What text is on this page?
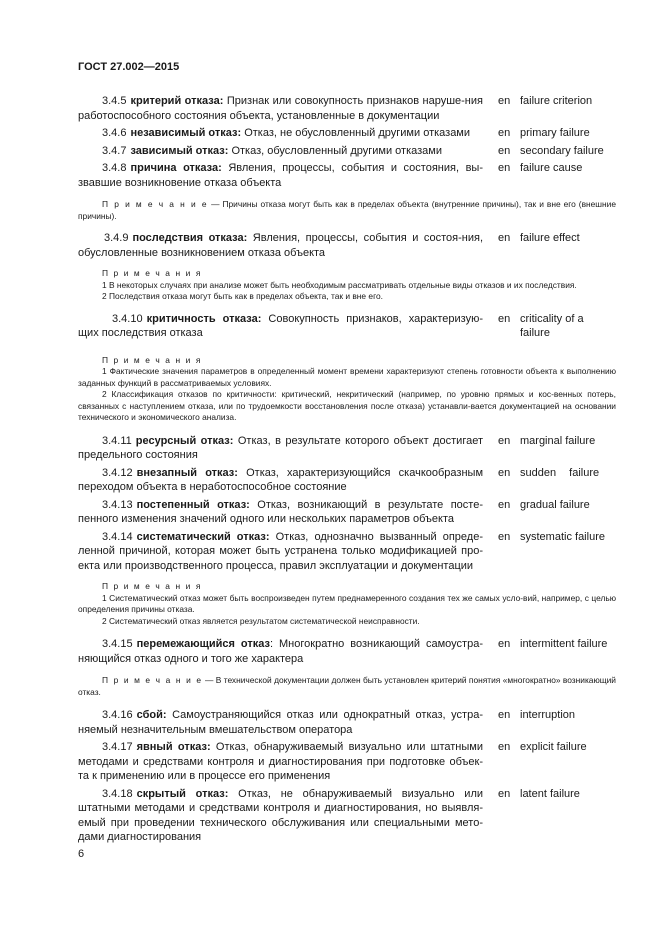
ГОСТ 27.002—2015
3.4.5 критерий отказа: Признак или совокупность признаков наруше-ния работоспособного состояния объекта, установленные в документации
en failure criterion
3.4.6 независимый отказ: Отказ, не обусловленный другими отказами	en primary failure
3.4.7 зависимый отказ: Отказ, обусловленный другими отказами	en secondary failure
3.4.8 причина отказа: Явления, процессы, события и состояния, вы-звавшие возникновение отказа объекта
en failure cause

П р и м е ч а н и е — Причины отказа могут быть как в пределах объекта (внутренние причины), так и вне его (внешние причины).

3.4.9 последствия отказа: Явления, процессы, события и состоя-ния, обусловленные возникновением отказа объекта
en failure effect
П р и м е ч а н и я

1 В некоторых случаях при анализе может быть необходимым рассматривать отдельные виды отказов и их последствия.

2 Последствия отказа могут быть как в пределах объекта, так и вне его.

3.4.10 критичность отказа: Совокупность признаков, характеризую-щих последствия отказа
en criticality of a failure
П р и м е ч а н и я

1 Фактические значения параметров в определенный момент времени характеризуют степень готовности объекта к выполнению заданных функций в рассматриваемых условиях.

2 Классификация отказов по критичности: критический, некритический (например, по уровню прямых и кос-венных потерь, связанных с наступлением отказа, или по трудоемкости восстановления после отказа) устанавли-вается документацией на основании технического и экономического анализа.

3.4.11 ресурсный отказ: Отказ, в результате которого объект достигает предельного состояния
en marginal failure
3.4.12 внезапный отказ: Отказ, характеризующийся скачкообразным переходом объекта в неработоспособное состояние
en sudden failure
3.4.13 постепенный отказ: Отказ, возникающий в результате посте-пенного изменения значений одного или нескольких параметров объекта
en gradual failure
3.4.14 систематический отказ: Отказ, однозначно вызванный опреде-ленной причиной, которая может быть устранена только модификацией про-екта или производственного процесса, правил эксплуатации и документации
en systematic failure
П р и м е ч а н и я

1 Систематический отказ может быть воспроизведен путем преднамеренного создания тех же самых усло-вий, например, с целью определения причины отказа.

2 Систематический отказ является результатом систематической неисправности.

3.4.15 перемежающийся отказ: Многократно возникающий самоустра-няющийся отказ одного и того же характера
en intermittent failure

П р и м е ч а н и е — В технической документации должен быть установлен критерий понятия «многократно» возникающий отказ.

3.4.16 сбой: Самоустраняющийся отказ или однократный отказ, устра-няемый незначительным вмешательством оператора
en interruption
3.4.17 явный отказ: Отказ, обнаруживаемый визуально или штатными методами и средствами контроля и диагностирования при подготовке объек-та к применению или в процессе его применения
en explicit failure
3.4.18 скрытый отказ: Отказ, не обнаруживаемый визуально или штатными методами и средствами контроля и диагностирования, но выявля-емый при проведении технического обслуживания или специальными мето-дами диагностирования
en latent failure
6
